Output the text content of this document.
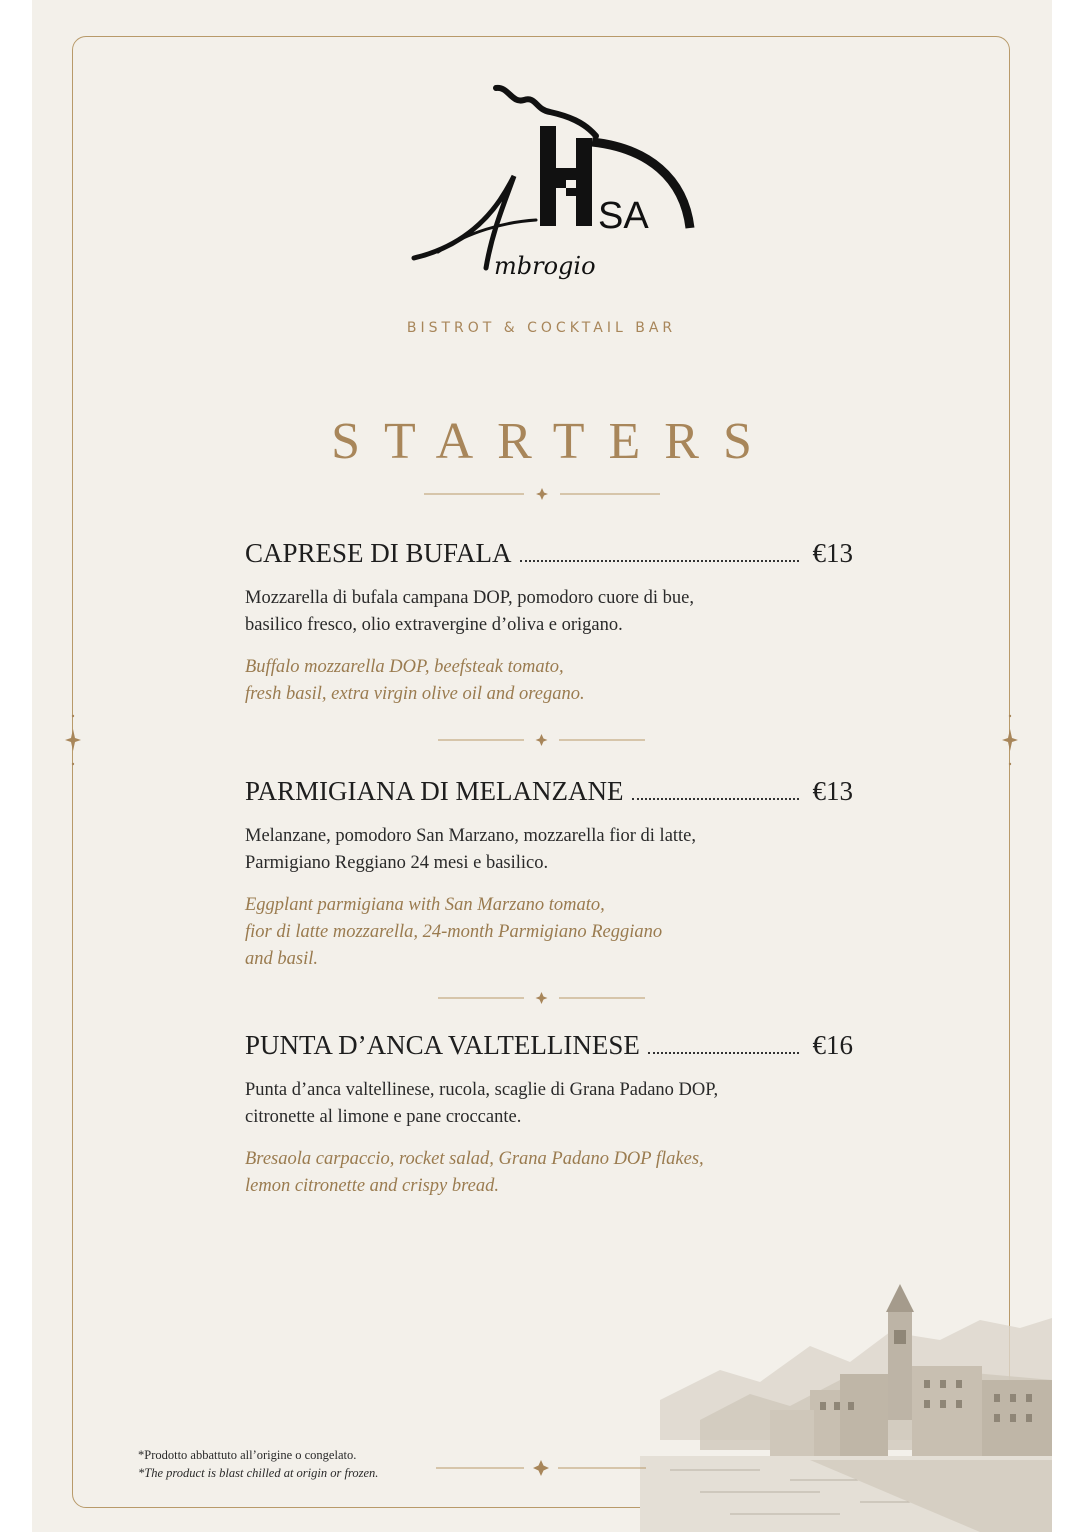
SA
mbrogio
BISTROT & COCKTAIL BAR
STARTERS
CAPRESE DI BUFALA	€13
Mozzarella di bufala campana DOP, pomodoro cuore di bue,
basilico fresco, olio extravergine d’oliva e origano.
Buffalo mozzarella DOP, beefsteak tomato,
fresh basil, extra virgin olive oil and oregano.
PARMIGIANA DI MELANZANE	€13
Melanzane, pomodoro San Marzano, mozzarella fior di latte,
Parmigiano Reggiano 24 mesi e basilico.
Eggplant parmigiana with San Marzano tomato,
fior di latte mozzarella, 24-month Parmigiano Reggiano
and basil.
PUNTA D’ANCA VALTELLINESE	€16
Punta d’anca valtellinese, rucola, scaglie di Grana Padano DOP,
citronette al limone e pane croccante.
Bresaola carpaccio, rocket salad, Grana Padano DOP flakes,
lemon citronette and crispy bread.
*Prodotto abbattuto all’origine o congelato.
*The product is blast chilled at origin or frozen.
